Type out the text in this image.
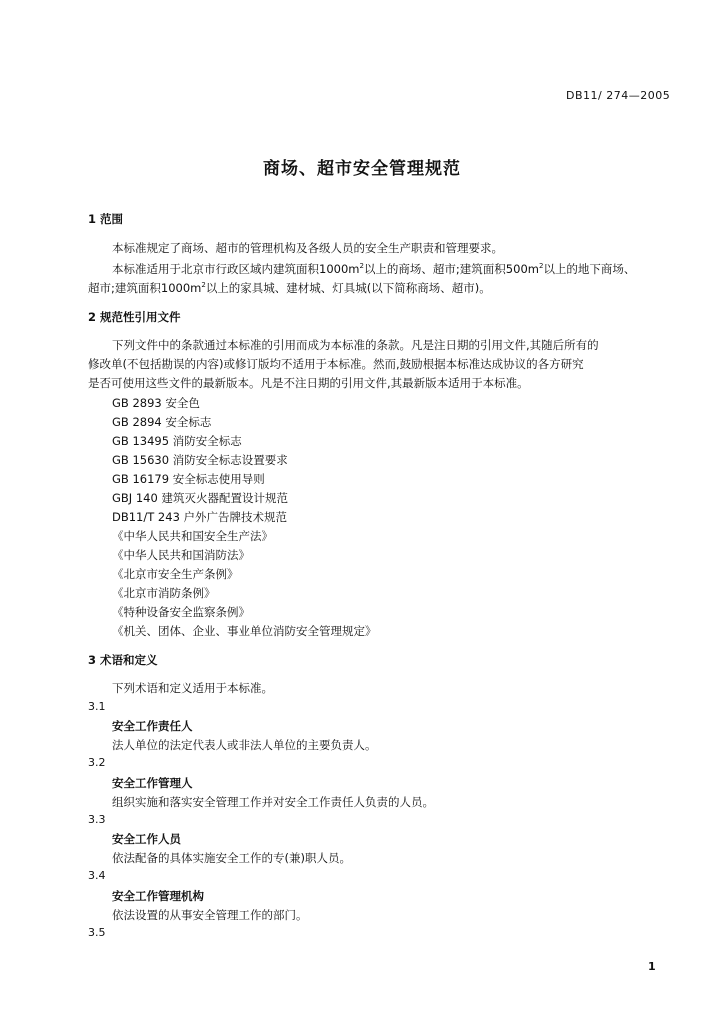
DB11/ 274—2005
商场、超市安全管理规范
1 范围
本标准规定了商场、超市的管理机构及各级人员的安全生产职责和管理要求。
本标准适用于北京市行政区域内建筑面积$1000m^2$以上的商场、超市;建筑面积$500m^2$以上的地下商场、
超市;建筑面积$1000m^2$以上的家具城、建材城、灯具城(以下简称商场、超市)。
2 规范性引用文件
下列文件中的条款通过本标准的引用而成为本标准的条款。凡是注日期的引用文件,其随后所有的
修改单(不包括勘误的内容)或修订版均不适用于本标准。然而,鼓励根据本标准达成协议的各方研究
是否可使用这些文件的最新版本。凡是不注日期的引用文件,其最新版本适用于本标准。
GB 2893 安全色
GB 2894 安全标志
GB 13495 消防安全标志
GB 15630 消防安全标志设置要求
GB 16179 安全标志使用导则
GBJ 140 建筑灭火器配置设计规范
DB11/T 243 户外广告牌技术规范
《中华人民共和国安全生产法》
《中华人民共和国消防法》
《北京市安全生产条例》
《北京市消防条例》
《特种设备安全监察条例》
《机关、团体、企业、事业单位消防安全管理规定》
3 术语和定义
下列术语和定义适用于本标准。
3.1
安全工作责任人
法人单位的法定代表人或非法人单位的主要负责人。
3.2
安全工作管理人
组织实施和落实安全管理工作并对安全工作责任人负责的人员。
3.3
安全工作人员
依法配备的具体实施安全工作的专(兼)职人员。
3.4
安全工作管理机构
依法设置的从事安全管理工作的部门。
3.5
1
